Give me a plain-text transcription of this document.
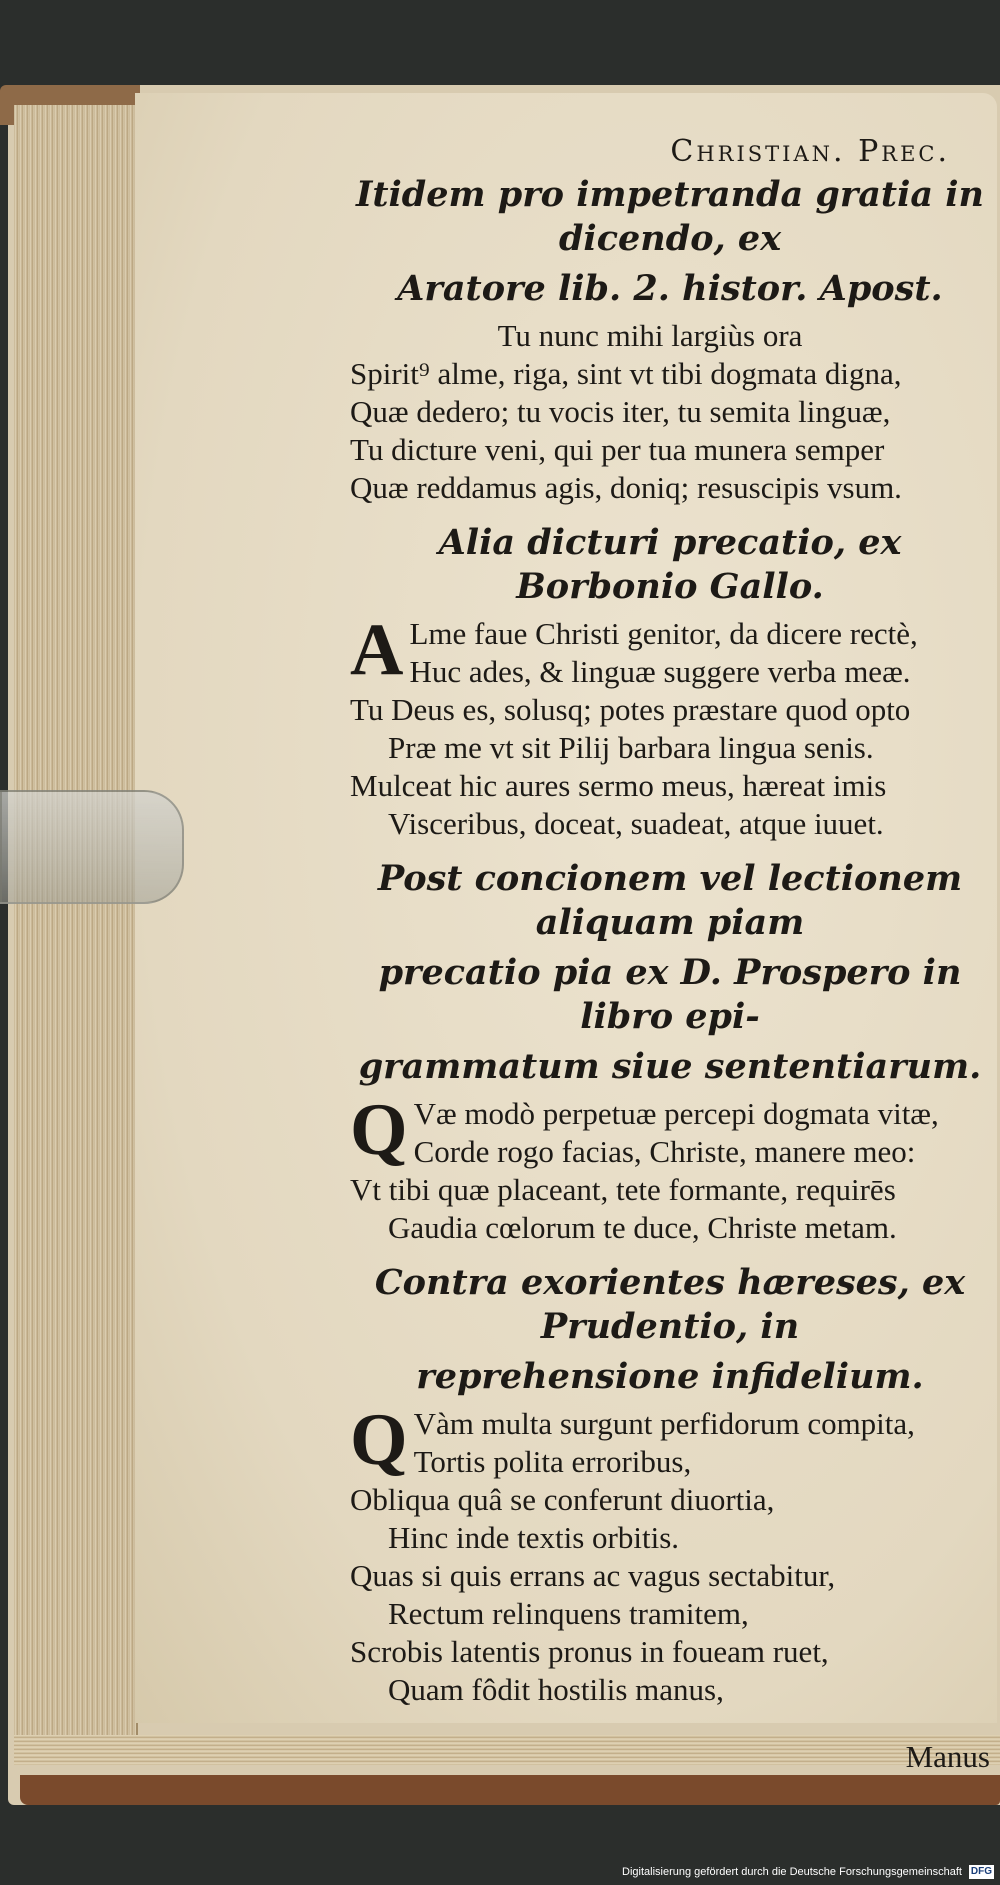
Christian. Prec.
Itidem pro impetranda gratia in dicendo, ex
Aratore lib. 2. histor. Apost.
Tu nunc mihi largiùs ora
Spirit⁹ alme, riga, sint vt tibi dogmata digna,
Quæ dedero; tu vocis iter, tu semita linguæ,
Tu dicture veni, qui per tua munera semper
Quæ reddamus agis, doniq; resuscipis vsum.
Alia dicturi precatio, ex Borbonio Gallo.
A Lme faue Christi genitor, da dicere rectè,
Huc ades, & linguæ suggere verba meæ.
Tu Deus es, solusq; potes præstare quod opto
Præ me vt sit Pilij barbara lingua senis.
Mulceat hic aures sermo meus, hæreat imis
Visceribus, doceat, suadeat, atque iuuet.
Post concionem vel lectionem aliquam piam
precatio pia ex D. Prospero in libro epi-
grammatum siue sententiarum.
Q Væ modò perpetuæ percepi dogmata vitæ,
Corde rogo facias, Christe, manere meo:
Vt tibi quæ placeant, tete formante, requirēs
Gaudia cœlorum te duce, Christe metam.
Contra exorientes hæreses, ex Prudentio, in
reprehensione infidelium.
Q Vàm multa surgunt perfidorum compita,
Tortis polita erroribus,
Obliqua quâ se conferunt diuortia,
Hinc inde textis orbitis.
Quas si quis errans ac vagus sectabitur,
Rectum relinquens tramitem,
Scrobis latentis pronus in foueam ruet,
Quam fôdit hostilis manus,
Manus
Digitalisierung gefördert durch die Deutsche Forschungsgemeinschaft DFG
